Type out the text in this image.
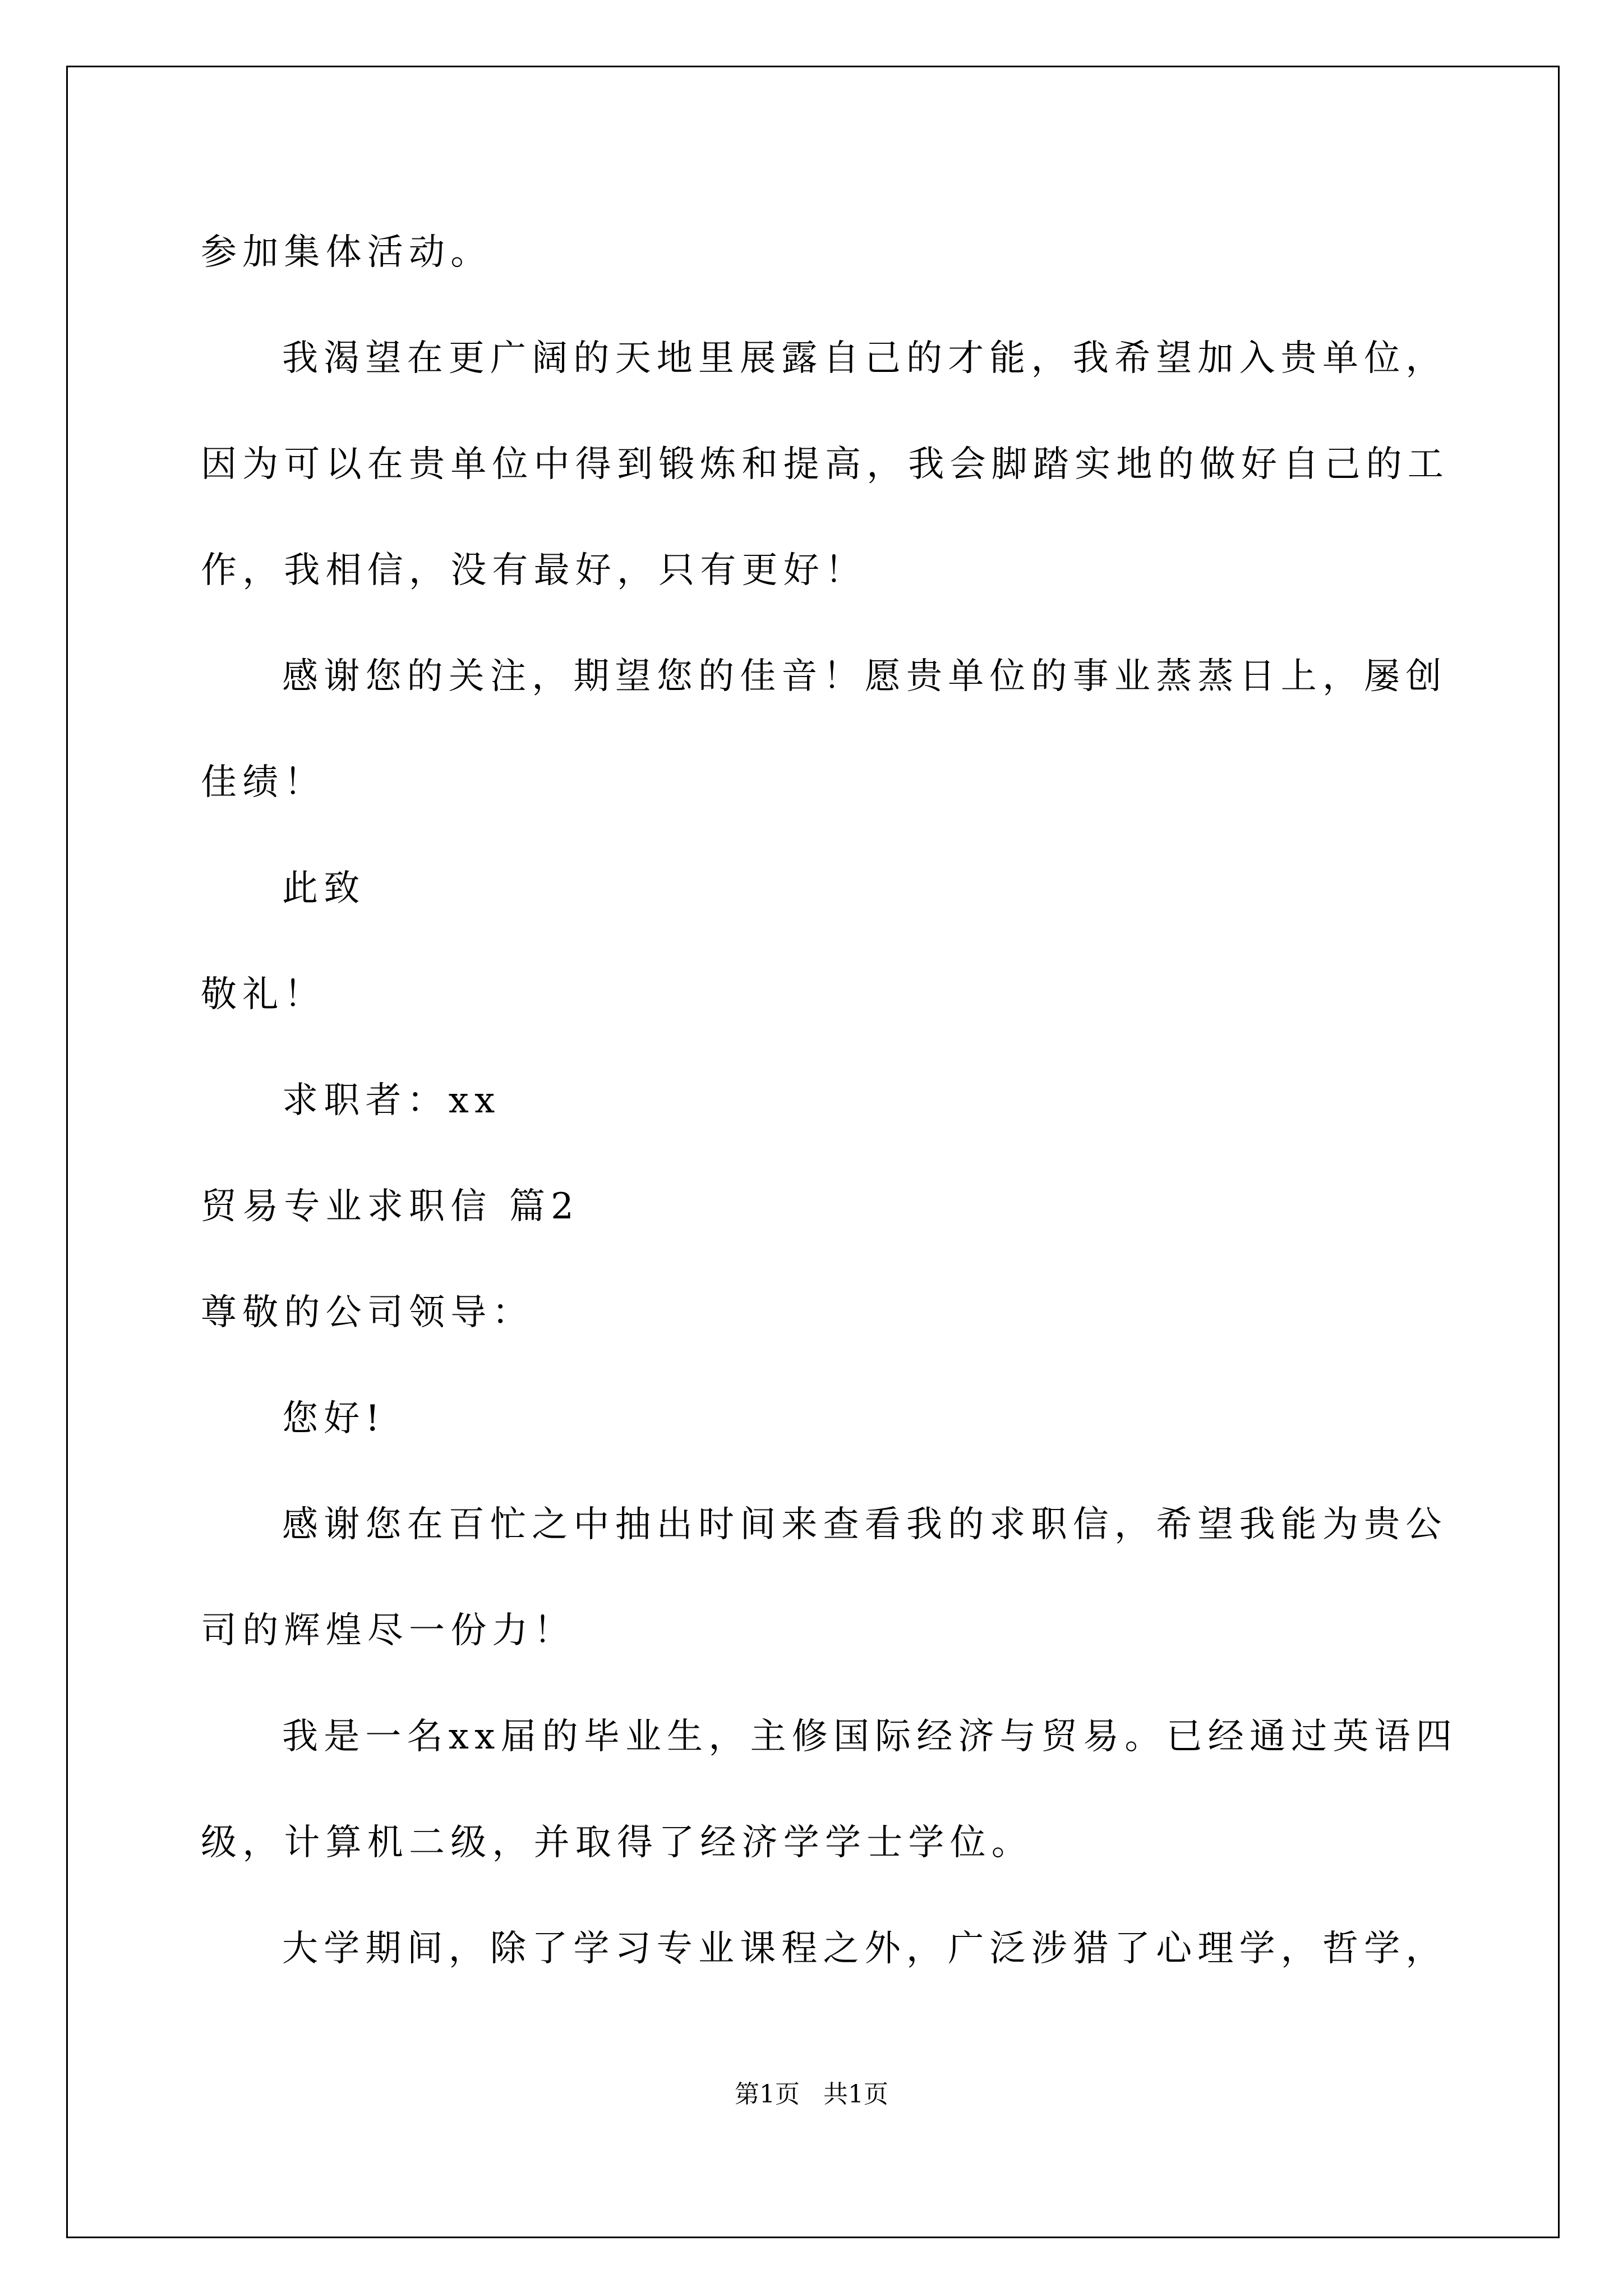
参加集体活动。
我渴望在更广阔的天地里展露自己的才能，我希望加入贵单位，
因为可以在贵单位中得到锻炼和提高，我会脚踏实地的做好自己的工
作，我相信，没有最好，只有更好！
感谢您的关注，期望您的佳音！愿贵单位的事业蒸蒸日上，屡创
佳绩！
此致
敬礼！
求职者：xx
贸易专业求职信 篇2
尊敬的公司领导：
您好!
感谢您在百忙之中抽出时间来查看我的求职信，希望我能为贵公
司的辉煌尽一份力！
我是一名xx届的毕业生，主修国际经济与贸易。已经通过英语四
级，计算机二级，并取得了经济学学士学位。
大学期间，除了学习专业课程之外，广泛涉猎了心理学，哲学，
第1页   共1页
